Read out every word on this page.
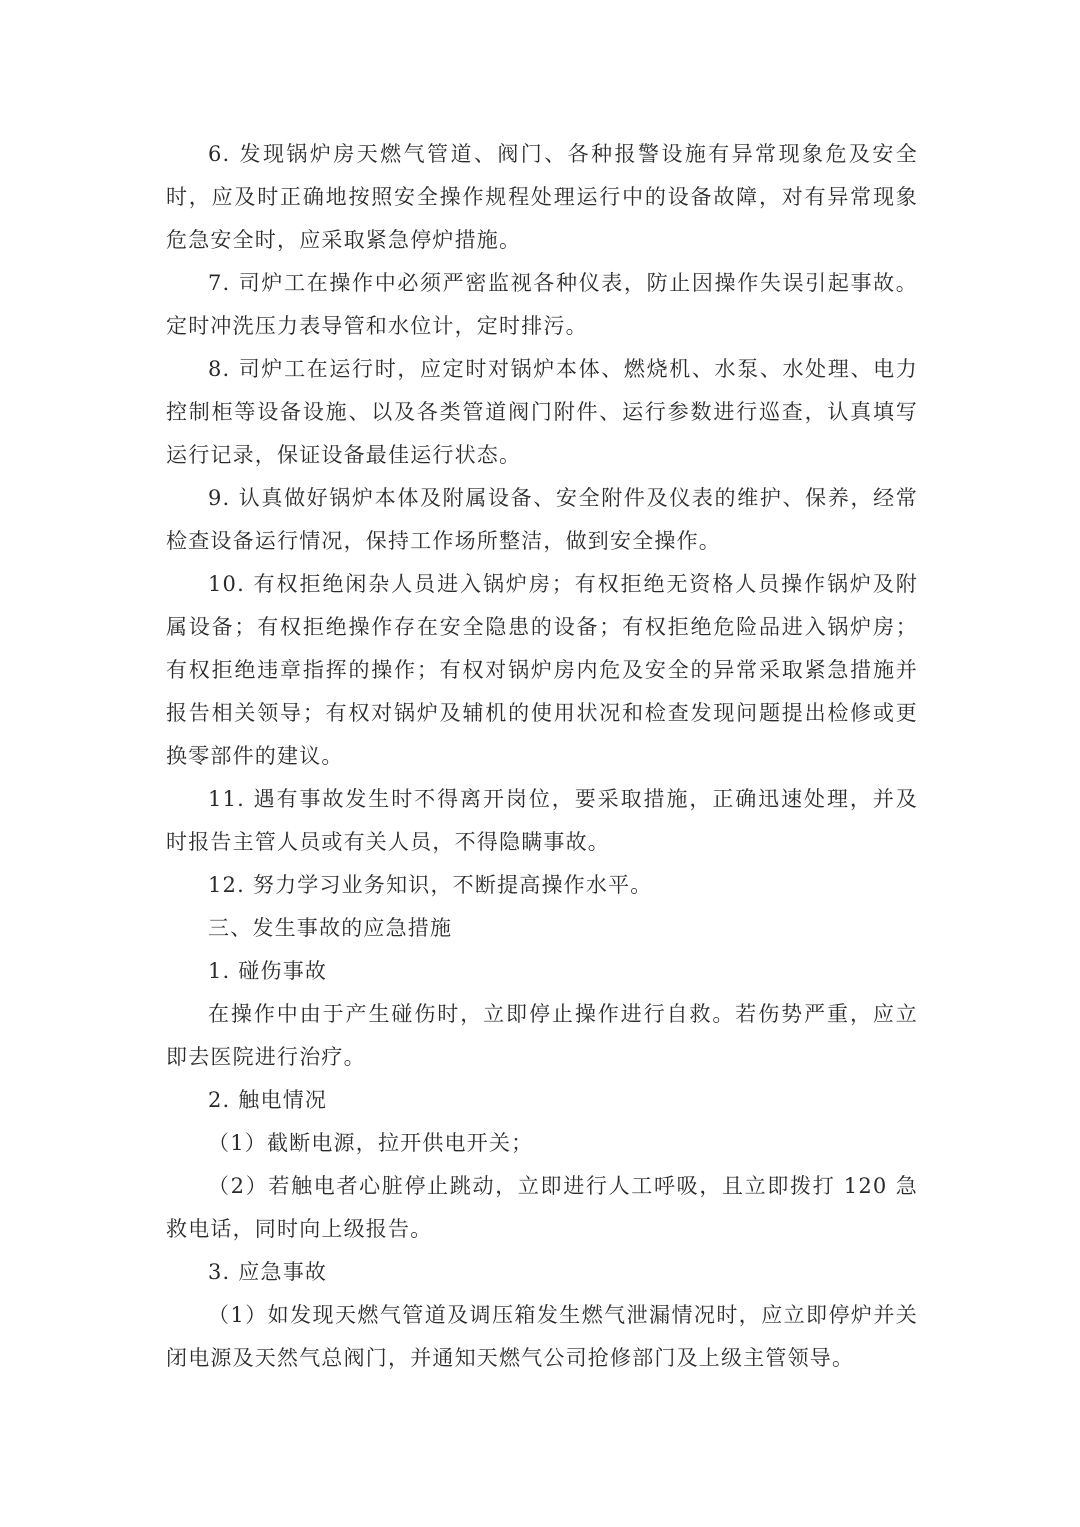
6. 发现锅炉房天燃气管道、阀门、各种报警设施有异常现象危及安全时，应及时正确地按照安全操作规程处理运行中的设备故障，对有异常现象危急安全时，应采取紧急停炉措施。

7. 司炉工在操作中必须严密监视各种仪表，防止因操作失误引起事故。定时冲洗压力表导管和水位计，定时排污。

8. 司炉工在运行时，应定时对锅炉本体、燃烧机、水泵、水处理、电力控制柜等设备设施、以及各类管道阀门附件、运行参数进行巡查，认真填写运行记录，保证设备最佳运行状态。

9. 认真做好锅炉本体及附属设备、安全附件及仪表的维护、保养，经常检查设备运行情况，保持工作场所整洁，做到安全操作。

10. 有权拒绝闲杂人员进入锅炉房；有权拒绝无资格人员操作锅炉及附属设备；有权拒绝操作存在安全隐患的设备；有权拒绝危险品进入锅炉房；有权拒绝违章指挥的操作；有权对锅炉房内危及安全的异常采取紧急措施并报告相关领导；有权对锅炉及辅机的使用状况和检查发现问题提出检修或更换零部件的建议。

11. 遇有事故发生时不得离开岗位，要采取措施，正确迅速处理，并及时报告主管人员或有关人员，不得隐瞒事故。

12. 努力学习业务知识，不断提高操作水平。

三、发生事故的应急措施

1. 碰伤事故

在操作中由于产生碰伤时，立即停止操作进行自救。若伤势严重，应立即去医院进行治疗。

2. 触电情况

（1）截断电源，拉开供电开关；

（2）若触电者心脏停止跳动，立即进行人工呼吸，且立即拨打 120 急救电话，同时向上级报告。

3. 应急事故

（1）如发现天燃气管道及调压箱发生燃气泄漏情况时，应立即停炉并关闭电源及天然气总阀门，并通知天燃气公司抢修部门及上级主管领导。
